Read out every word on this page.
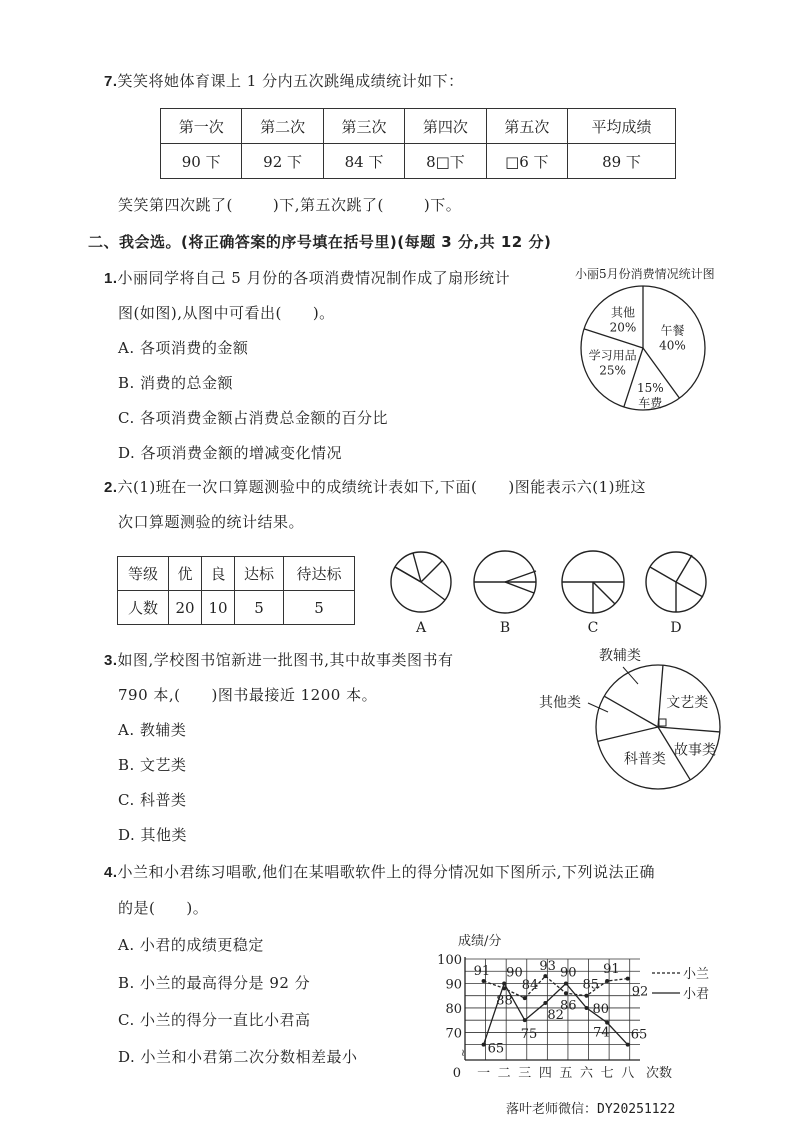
7.笑笑将她体育课上 1 分内五次跳绳成绩统计如下：
第一次	第二次	第三次	第四次	第五次	平均成绩
90 下	92 下	84 下	8□下	□6 下	89 下
笑笑第四次跳了(	)下,第五次跳了(	)下。
二、我会选。(将正确答案的序号填在括号里)(每题 3 分,共 12 分)
1.小丽同学将自己 5 月份的各项消费情况制作成了扇形统计
图(如图),从图中可看出(　　)。
A. 各项消费的金额
B. 消费的总金额
C. 各项消费金额占消费总金额的百分比
D. 各项消费金额的增减变化情况
小丽5月份消费情况统计图
午餐
40%
15%
车费
学习用品
25%
其他
20%
2.六(1)班在一次口算题测验中的成绩统计表如下,下面(　　)图能表示六(1)班这
次口算题测验的统计结果。
等级	优	良	达标	待达标
人数	20	10	5	5
A	B	C	D
3.如图,学校图书馆新进一批图书,其中故事类图书有
790 本,(　　)图书最接近 1200 本。
A. 教辅类
B. 文艺类
C. 科普类
D. 其他类
文艺类
故事类
科普类
其他类
教辅类
4.小兰和小君练习唱歌,他们在某唱歌软件上的得分情况如下图所示,下列说法正确
的是(　　)。
A. 小君的成绩更稳定
B. 小兰的最高得分是 92 分
C. 小兰的得分一直比小君高
D. 小兰和小君第二次分数相差最小
成绩/分
70
80
90
100
0 一 二 三 四 五 六 七 八 次数
91
88
84
93
86
85
91
92
65
90
75
82
90
80
74 65
小兰
小君
≀
落叶老师微信：DY20251122
